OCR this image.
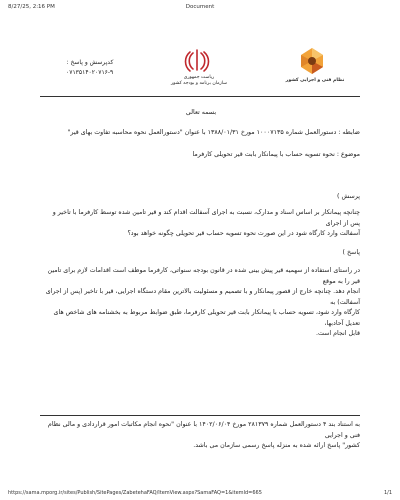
8/27/25, 2:16 PM	Document
https://sama.mporg.ir/sites/Publish/SitePages/ZabetehaFAQ/ItemView.aspx?SamaFAQ=1&itemId=665	1/1
کدپرسش و پاسخ :
۰۷۱۳۵۱۴۰۲۰۷۱۶-۹
ریاست جمهوری
سازمان برنامه و بودجه کشور
نظام فنی و اجرایی کشور

بسمه تعالی

ضابطه : دستورالعمل شماره ۱۰۰۰۷۱۳۵ مورخ ۱۳۸۸/۰۱/۳۱ با عنوان "دستورالعمل نحوه محاسبه تفاوت بهای قیر"

موضوع : نحوه تسویه حساب با پیمانکار بابت قیر تحویلی کارفرما

پرسش )

چنانچه پیمانکار بر اساس اسناد و مدارک، نسبت به اجرای آسفالت اقدام کند و قیر تامین شده توسط کارفرما با تاخیر و پس از اجرای

آسفالت وارد کارگاه شود در این صورت نحوه تسویه حساب قیر تحویلی چگونه خواهد بود؟

پاسخ )

در راستای استفاده از سهمیه قیر پیش بینی شده در قانون بودجه سنواتی، کارفرما موظف است اقدامات لازم برای تامین قیر را به موقع

انجام دهد. چنانچه خارج از قصور پیمانکار و با تصمیم و مسئولیت بالاترین مقام دستگاه اجرایی، قیر با تاخیر (پس از اجرای آسفالت) به

کارگاه وارد شود، تسویه حساب با پیمانکار بابت قیر تحویلی کارفرما، طبق ضوابط مربوط به بخشنامه های شاخص های تعدیل آحادبها،

قابل انجام است.

به استناد بند ۴ دستورالعمل شماره ۲۸۱۳۷۹ مورخ ۱۴۰۲/۰۶/۰۴ با عنوان "نحوه انجام مکاتبات امور قراردادی و مالی نظام فنی و اجرایی

کشور" پاسخ ارائه شده به منزله پاسخ رسمی سازمان می باشد.
